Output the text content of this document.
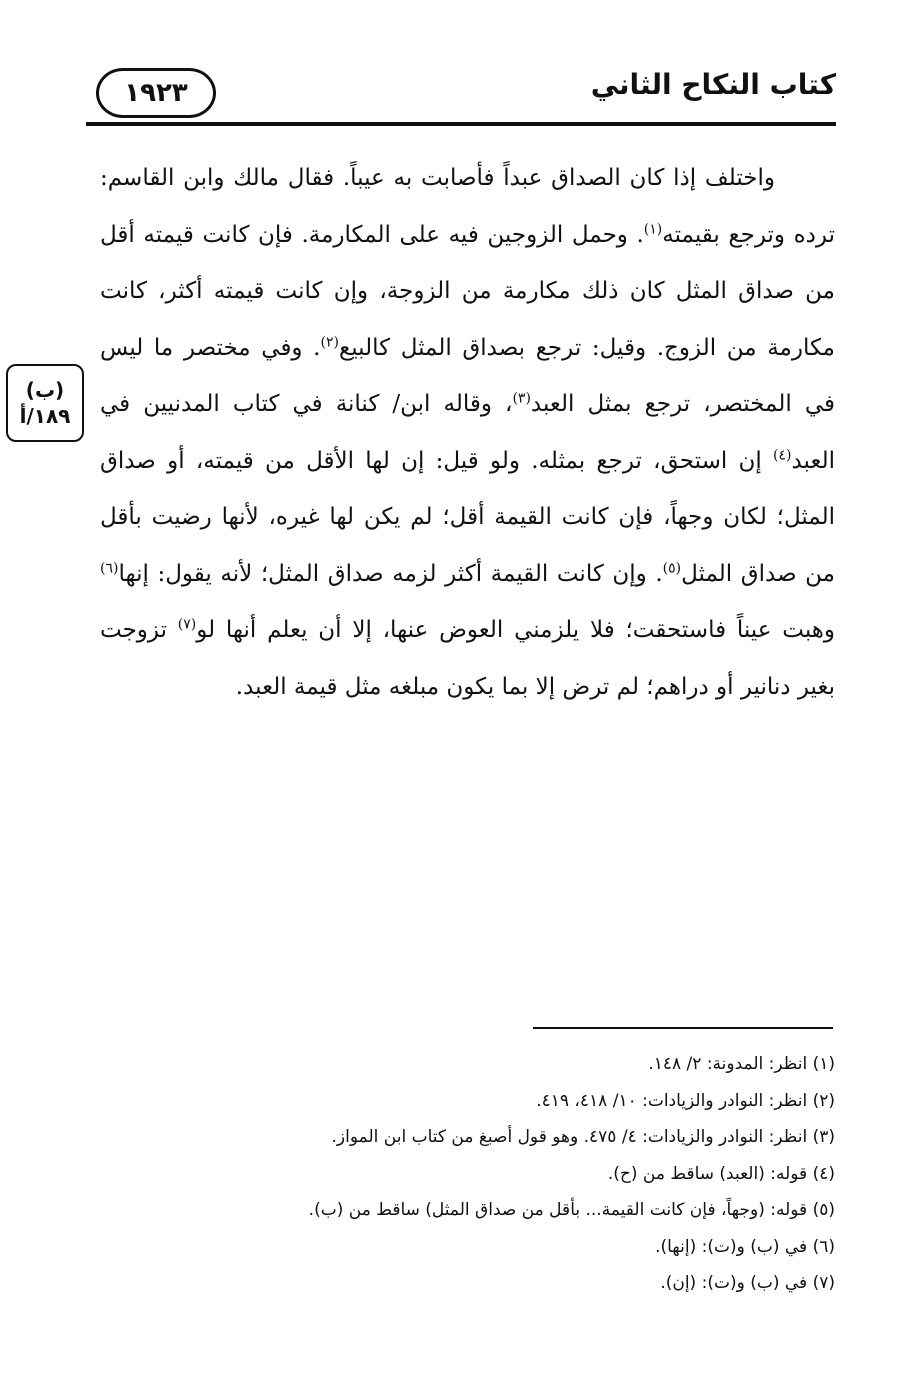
كتاب النكاح الثاني
١٩٢٣
(ب)
١٨٩/أ

واختلف إذا كان الصداق عبداً فأصابت به عيباً. فقال مالك وابن القاسم: ترده وترجع بقيمته$^{(١)}$. وحمل الزوجين فيه على المكارمة. فإن كانت قيمته أقل من صداق المثل كان ذلك مكارمة من الزوجة، وإن كانت قيمته أكثر، كانت مكارمة من الزوج. وقيل: ترجع بصداق المثل كالبيع$^{(٢)}$. وفي مختصر ما ليس في المختصر، ترجع بمثل العبد$^{(٣)}$، وقاله ابن/ كنانة في كتاب المدنيين في العبد$^{(٤)}$ إن استحق، ترجع بمثله. ولو قيل: إن لها الأقل من قيمته، أو صداق المثل؛ لكان وجهاً، فإن كانت القيمة أقل؛ لم يكن لها غيره، لأنها رضيت بأقل من صداق المثل$^{(٥)}$. وإن كانت القيمة أكثر لزمه صداق المثل؛ لأنه يقول: إنها$^{(٦)}$ وهبت عيناً فاستحقت؛ فلا يلزمني العوض عنها، إلا أن يعلم أنها لو$^{(٧)}$ تزوجت بغير دنانير أو دراهم؛ لم ترض إلا بما يكون مبلغه مثل قيمة العبد.

(١) انظر: المدونة: ٢/ ١٤٨.
(٢) انظر: النوادر والزيادات: ١٠/ ٤١٨، ٤١٩.
(٣) انظر: النوادر والزيادات: ٤/ ٤٧٥. وهو قول أصبغ من كتاب ابن المواز.
(٤) قوله: (العبد) ساقط من (ح).
(٥) قوله: (وجهاً، فإن كانت القيمة... بأقل من صداق المثل) ساقط من (ب).
(٦) في (ب) و(ت): (إنها).
(٧) في (ب) و(ت): (إن).
